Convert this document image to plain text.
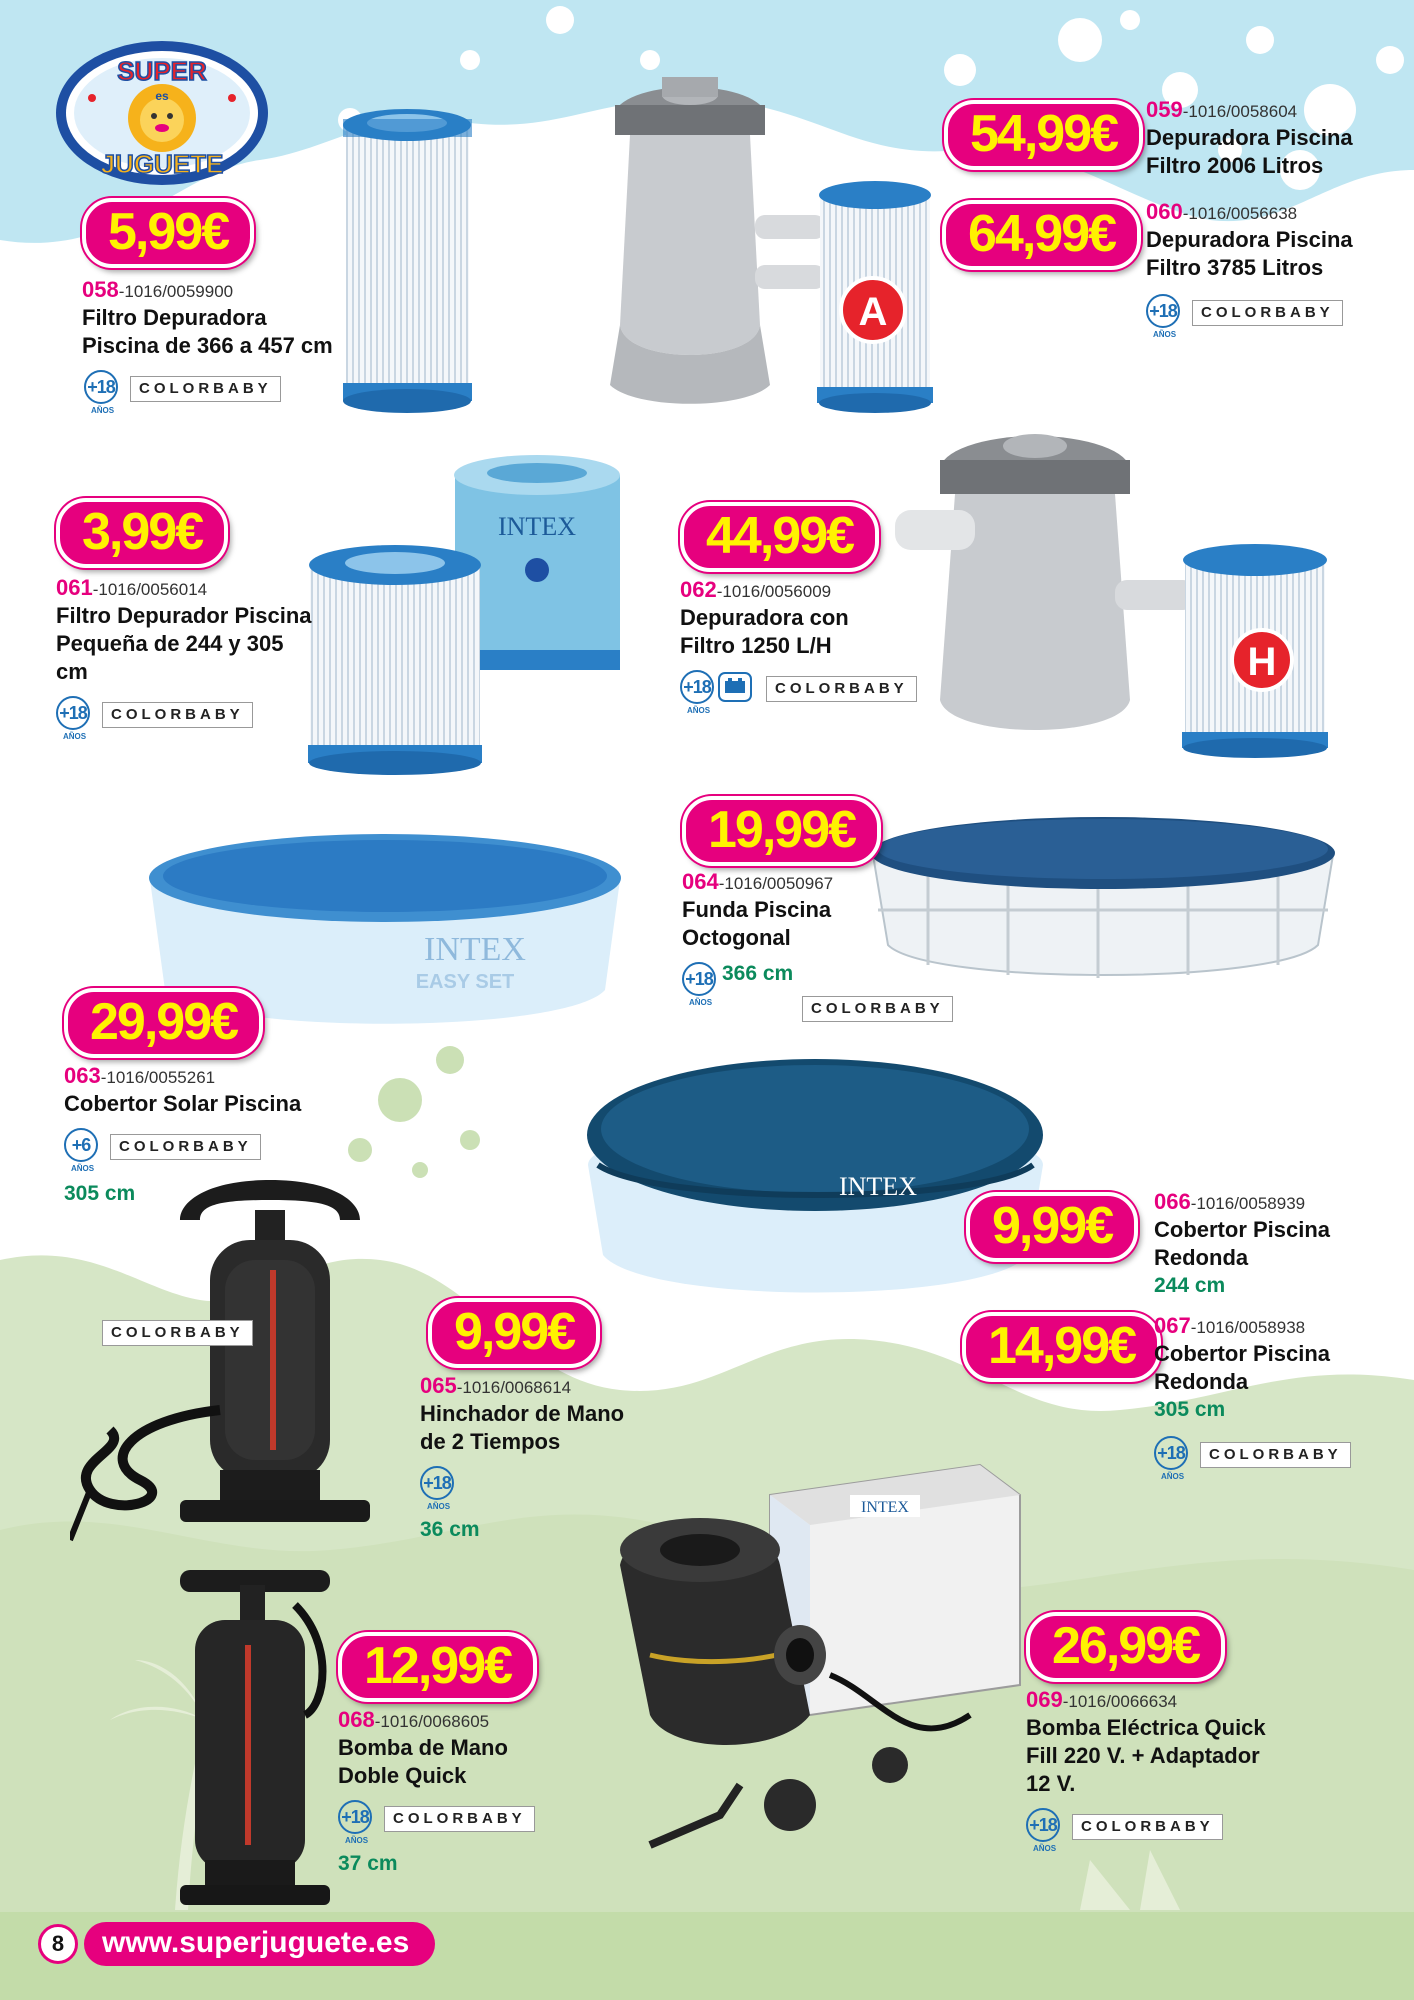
SUPER
es
JUGUETE
A
INTEX
H
INTEX
EASY SET
INTEX
INTEX
5,99€
54,99€
64,99€
3,99€	44,99€
29,99€
19,99€
9,99€
9,99€
14,99€
12,99€	26,99€
058-1016/0059900
Filtro Depuradora
Piscina de 366 a 457 cm
+18
AÑOS
COLORBABY
059-1016/0058604
Depuradora Piscina
Filtro 2006 Litros
060-1016/0056638
Depuradora Piscina
Filtro 3785 Litros
+18
AÑOS
COLORBABY
061-1016/0056014
Filtro Depurador Piscina
Pequeña de 244 y 305
cm
+18
AÑOS
COLORBABY
062-1016/0056009
Depuradora con
Filtro 1250 L/H
+18
AÑOS
COLORBABY
063-1016/0055261
Cobertor Solar Piscina
+6
AÑOS
COLORBABY
305 cm
064-1016/0050967
Funda Piscina
Octogonal
+18
AÑOS
366 cm
COLORBABY
COLORBABY
065-1016/0068614
Hinchador de Mano
de 2 Tiempos
+18
AÑOS
36 cm
066-1016/0058939
Cobertor Piscina
Redonda
244 cm
067-1016/0058938
Cobertor Piscina
Redonda
305 cm
+18
AÑOS
COLORBABY
068-1016/0068605
Bomba de Mano
Doble Quick
+18
AÑOS
COLORBABY
37 cm
069-1016/0066634
Bomba Eléctrica Quick
Fill 220 V. + Adaptador
12 V.
+18
AÑOS
COLORBABY
8	www.superjuguete.es
